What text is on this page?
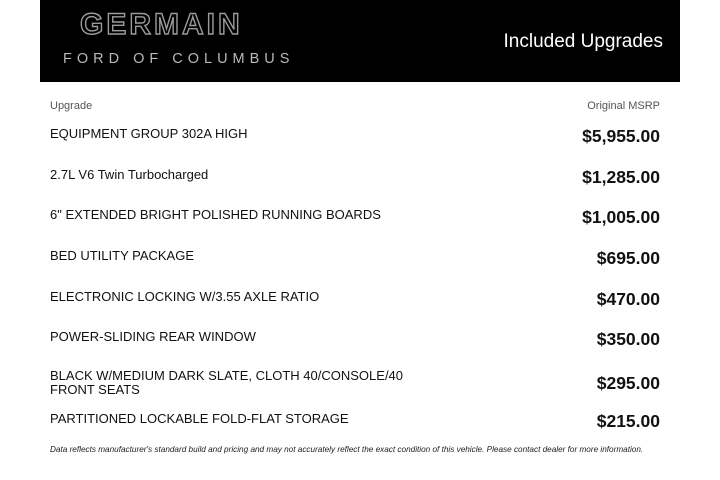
GERMAIN
FORD OF COLUMBUS
Included Upgrades
Upgrade	Original MSRP
EQUIPMENT GROUP 302A HIGH	$5,955.00
2.7L V6 Twin Turbocharged	$1,285.00
6" EXTENDED BRIGHT POLISHED RUNNING BOARDS	$1,005.00
BED UTILITY PACKAGE	$695.00
ELECTRONIC LOCKING W/3.55 AXLE RATIO	$470.00
POWER-SLIDING REAR WINDOW	$350.00
BLACK W/MEDIUM DARK SLATE, CLOTH 40/CONSOLE/40 FRONT SEATS	$295.00
PARTITIONED LOCKABLE FOLD-FLAT STORAGE	$215.00
Data reflects manufacturer's standard build and pricing and may not accurately reflect the exact condition of this vehicle. Please contact dealer for more information.
